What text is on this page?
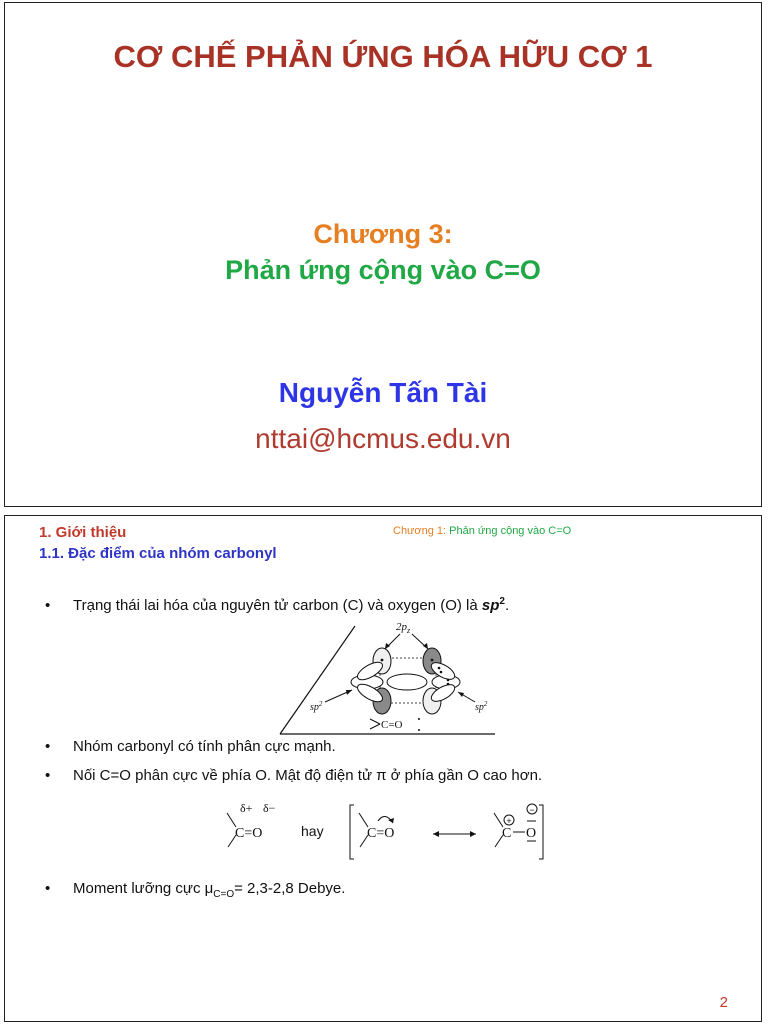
CƠ CHẾ PHẢN ỨNG HÓA HỮU CƠ 1
Chương 3:
Phản ứng cộng vào C=O
Nguyễn Tấn Tài
nttai@hcmus.edu.vn
1. Giới thiệu
1.1. Đặc điểm của nhóm carbonyl
Chương 1: Phản ứng cộng vào C=O
• Trạng thái lai hóa của nguyên tử carbon (C) và oxygen (O) là $sp^2$.
$2p_z$
$sp^2$	$sp^2$
C=O
• Nhóm carbonyl có tính phân cực mạnh.
• Nối C=O phân cực về phía O. Mật độ điện tử π ở phía gần O cao hơn.
δ+ δ−
C=O	hay	C=O
+
C O
−
• Moment lưỡng cực $\mu_{C=O}= 2,3-2,8$ Debye.
2
